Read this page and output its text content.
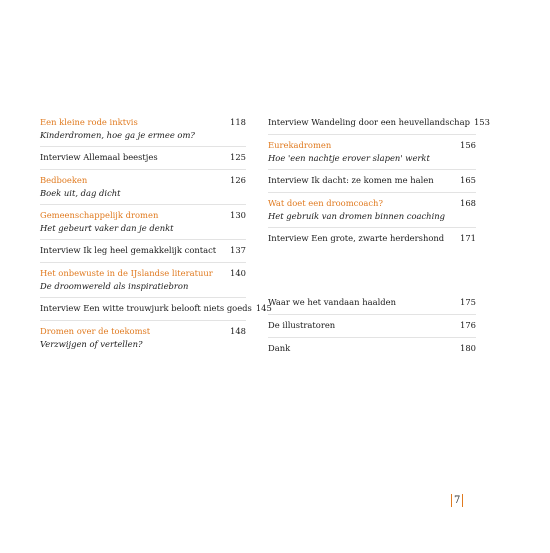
Een kleine rode inktvis	118
Kinderdromen, hoe ga je ermee om?
Interview Allemaal beestjes	125
Bedboeken	126
Boek uit, dag dicht
Gemeenschappelijk dromen	130
Het gebeurt vaker dan je denkt
Interview Ik leg heel gemakkelijk contact 137
Het onbewuste in de IJslandse literatuur 140
De droomwereld als inspiratiebron
Interview Een witte trouwjurk belooft niets goeds 145
Dromen over de toekomst	148
Verzwijgen of vertellen?
Interview Wandeling door een heuvellandschap 153
Eurekadromen	156
Hoe 'een nachtje erover slapen' werkt
Interview Ik dacht: ze komen me halen	165
Wat doet een droomcoach?	168
Het gebruik van dromen binnen coaching
Interview Een grote, zwarte herdershond 171
Waar we het vandaan haalden	175
De illustratoren	176
Dank	180
7
